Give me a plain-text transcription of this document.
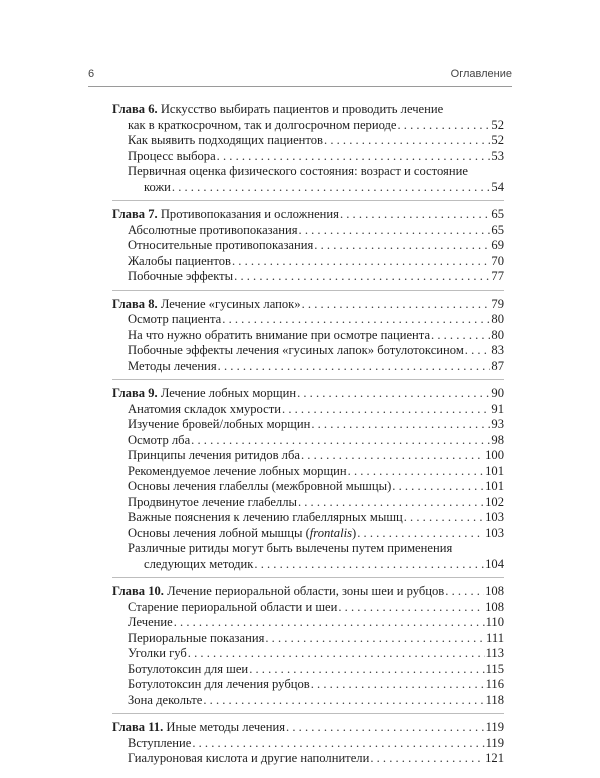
6	Оглавление
Глава 6. Искусство выбирать пациентов и проводить лечение
как в краткосрочном, так и долгосрочном периоде . . .	52
Как выявить подходящих пациентов . . .	52
Процесс выбора . . .	53
Первичная оценка физического состояния: возраст и состояние
кожи . . .	54
Глава 7. Противопоказания и осложнения . . .	65
Абсолютные противопоказания . . .	65
Относительные противопоказания . . .	69
Жалобы пациентов . . .	70
Побочные эффекты . . .	77
Глава 8. Лечение «гусиных лапок» . . .	79
Осмотр пациента . . .	80
На что нужно обратить внимание при осмотре пациента . . .	80
Побочные эффекты лечения «гусиных лапок» ботулотоксином . . . 83
Методы лечения . . .	87
Глава 9. Лечение лобных морщин . . .	90
Анатомия складок хмурости . . .	91
Изучение бровей/лобных морщин . . .	93
Осмотр лба . . .	98
Принципы лечения ритидов лба . . .	100
Рекомендуемое лечение лобных морщин . . .	101
Основы лечения глабеллы (межбровной мышцы) . . .	101
Продвинутое лечение глабеллы . . .	102
Важные пояснения к лечению глабеллярных мышц . . .	103
Основы лечения лобной мышцы (frontalis) . . .	103
Различные ритиды могут быть вылечены путем применения
следующих методик . . .	104
Глава 10. Лечение периоральной области, зоны шеи и рубцов . . .	108
Старение периоральной области и шеи . . .	108
Лечение . . .	110
Периоральные показания . . .	111
Уголки губ . . .	113
Ботулотоксин для шеи . . .	115
Ботулотоксин для лечения рубцов . . .	116
Зона декольте . . .	118
Глава 11. Иные методы лечения . . .	119
Вступление . . .	119
Гиалуроновая кислота и другие наполнители . . .	121
